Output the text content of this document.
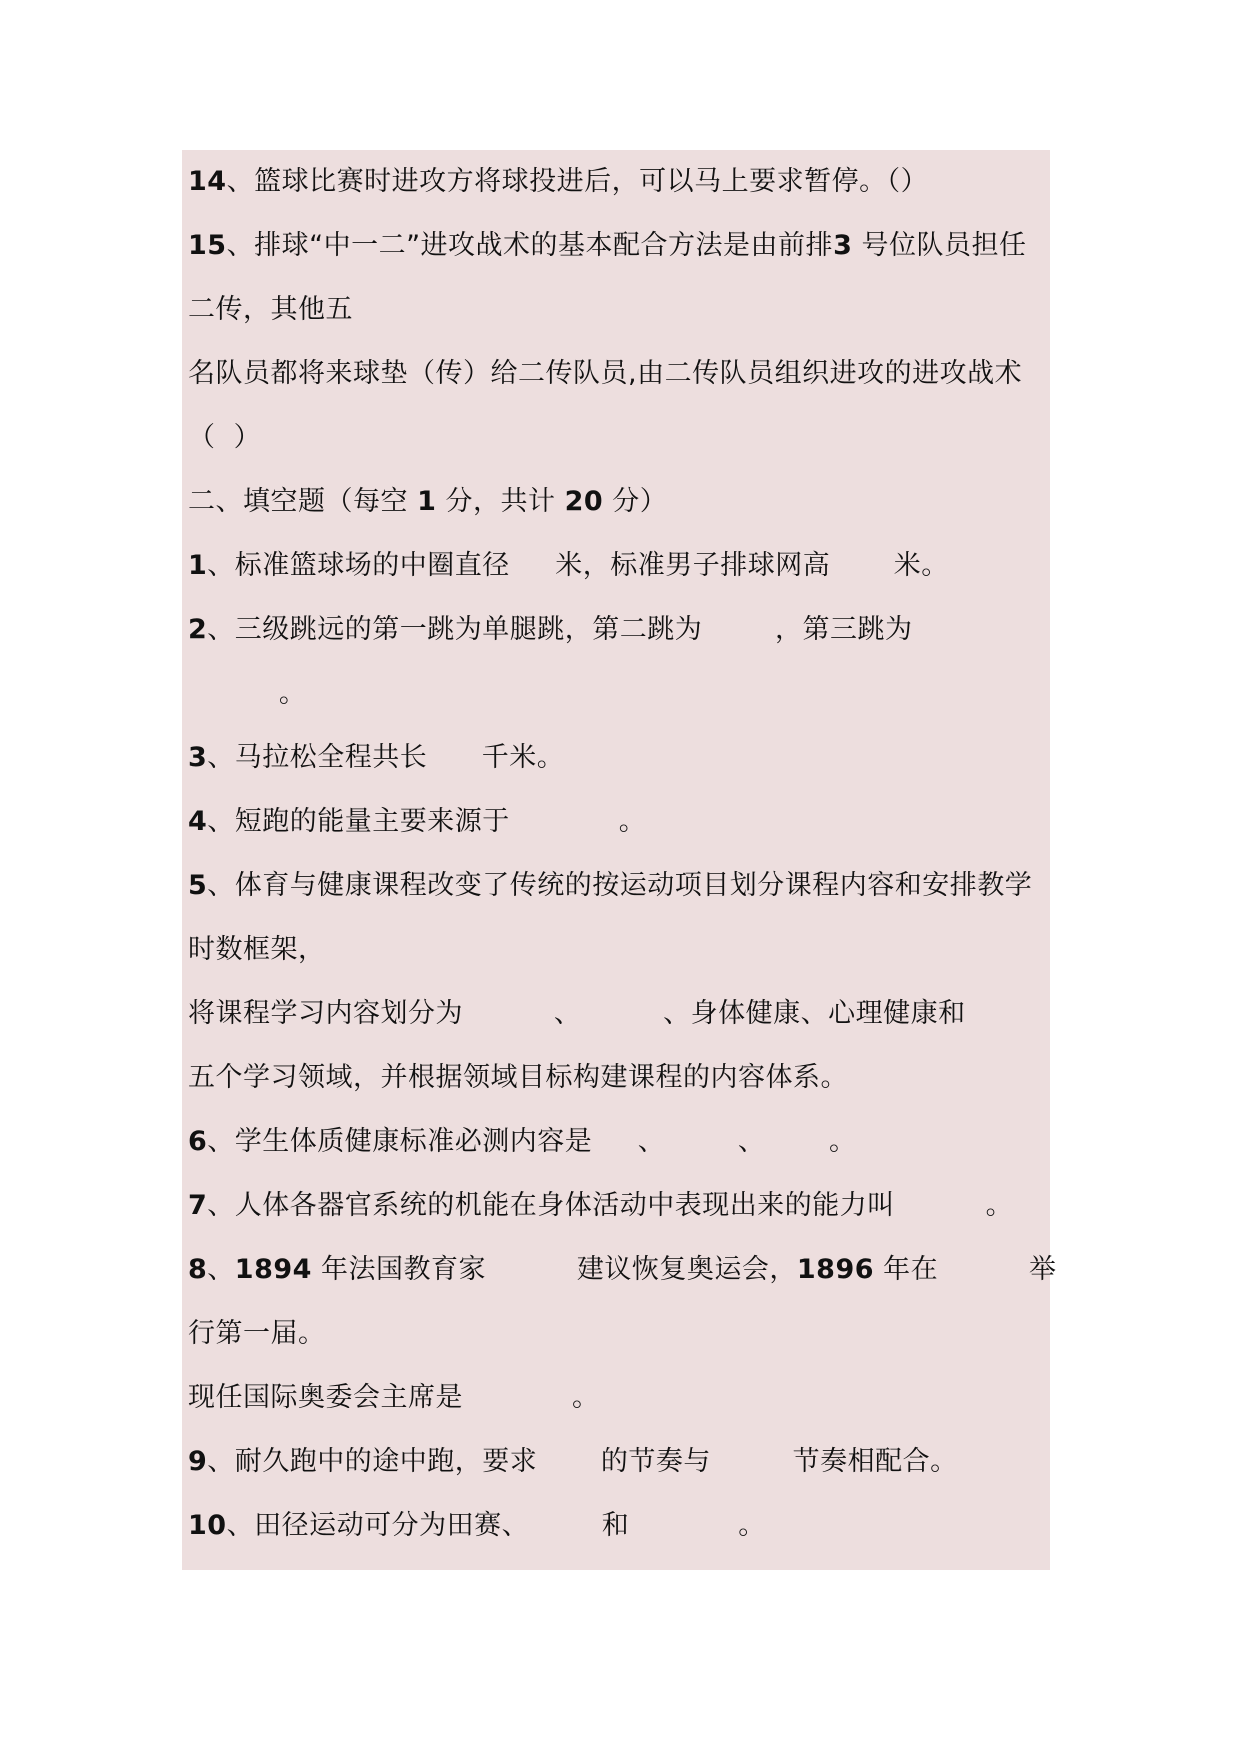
14、篮球比赛时进攻方将球投进后，可以马上要求暂停。（）
15、排球“中一二”进攻战术的基本配合方法是由前排3 号位队员担任
二传，其他五
名队员都将来球垫（传）给二传队员,由二传队员组织进攻的进攻战术
（  ）
二、填空题（每空 1 分，共计 20 分）
1、标准篮球场的中圈直径     米，标准男子排球网高       米。
2、三级跳远的第一跳为单腿跳，第二跳为        ，第三跳为
。
3、马拉松全程共长      千米。
4、短跑的能量主要来源于            。
5、体育与健康课程改变了传统的按运动项目划分课程内容和安排教学
时数框架，
将课程学习内容划分为          、         、身体健康、心理健康和
五个学习领域，并根据领域目标构建课程的内容体系。
6、学生体质健康标准必测内容是     、        、       。
7、人体各器官系统的机能在身体活动中表现出来的能力叫          。
8、1894 年法国教育家          建议恢复奥运会，1896 年在          举
行第一届。
现任国际奥委会主席是            。
9、耐久跑中的途中跑，要求       的节奏与         节奏相配合。
10、田径运动可分为田赛、        和            。
